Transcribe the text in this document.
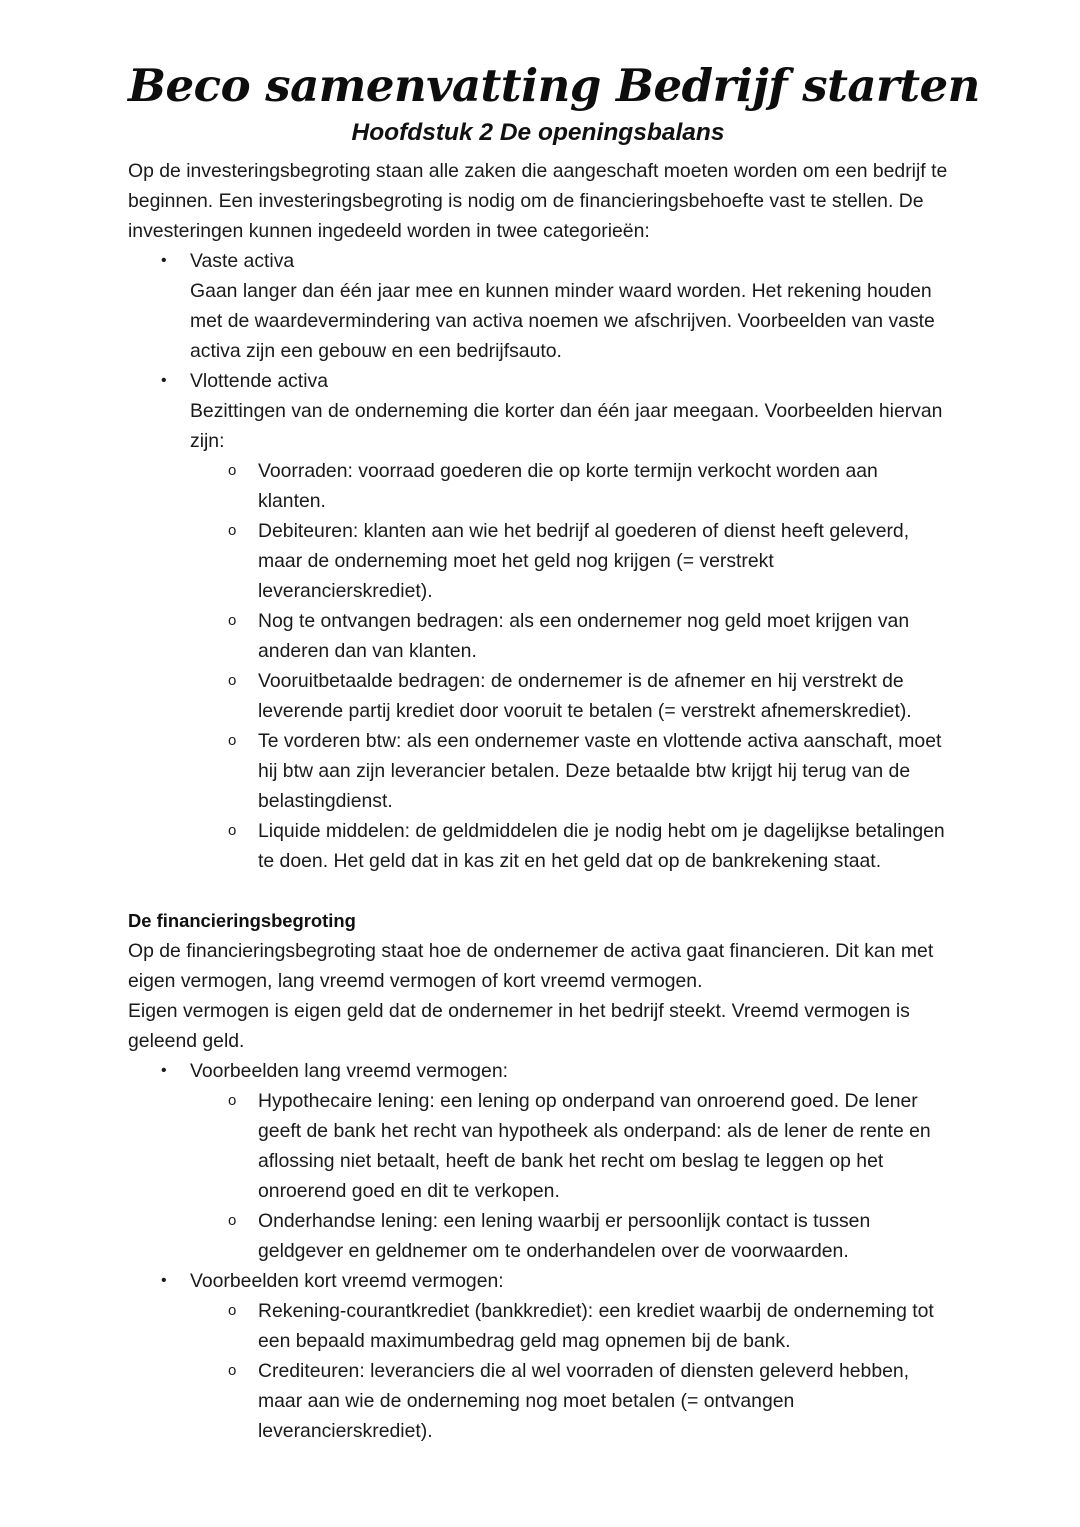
Beco samenvatting Bedrijf starten
Hoofdstuk 2 De openingsbalans

Op de investeringsbegroting staan alle zaken die aangeschaft moeten worden om een bedrijf te beginnen. Een investeringsbegroting is nodig om de financieringsbehoefte vast te stellen. De investeringen kunnen ingedeeld worden in twee categorieën:

• Vaste activa
Gaan langer dan één jaar mee en kunnen minder waard worden. Het rekening houden met de waardevermindering van activa noemen we afschrijven. Voorbeelden van vaste activa zijn een gebouw en een bedrijfsauto.
• Vlottende activa
Bezittingen van de onderneming die korter dan één jaar meegaan. Voorbeelden hiervan zijn:
o Voorraden: voorraad goederen die op korte termijn verkocht worden aan klanten.
o Debiteuren: klanten aan wie het bedrijf al goederen of dienst heeft geleverd, maar de onderneming moet het geld nog krijgen (= verstrekt leverancierskrediet).
o Nog te ontvangen bedragen: als een ondernemer nog geld moet krijgen van anderen dan van klanten.
o Vooruitbetaalde bedragen: de ondernemer is de afnemer en hij verstrekt de leverende partij krediet door vooruit te betalen (= verstrekt afnemerskrediet).
o Te vorderen btw: als een ondernemer vaste en vlottende activa aanschaft, moet hij btw aan zijn leverancier betalen. Deze betaalde btw krijgt hij terug van de belastingdienst.
o Liquide middelen: de geldmiddelen die je nodig hebt om je dagelijkse betalingen te doen. Het geld dat in kas zit en het geld dat op de bankrekening staat.

De financieringsbegroting

Op de financieringsbegroting staat hoe de ondernemer de activa gaat financieren. Dit kan met eigen vermogen, lang vreemd vermogen of kort vreemd vermogen.

Eigen vermogen is eigen geld dat de ondernemer in het bedrijf steekt. Vreemd vermogen is geleend geld.

• Voorbeelden lang vreemd vermogen:
o Hypothecaire lening: een lening op onderpand van onroerend goed. De lener geeft de bank het recht van hypotheek als onderpand: als de lener de rente en aflossing niet betaalt, heeft de bank het recht om beslag te leggen op het onroerend goed en dit te verkopen.
o Onderhandse lening: een lening waarbij er persoonlijk contact is tussen geldgever en geldnemer om te onderhandelen over de voorwaarden.
• Voorbeelden kort vreemd vermogen:
o Rekening-courantkrediet (bankkrediet): een krediet waarbij de onderneming tot een bepaald maximumbedrag geld mag opnemen bij de bank.
o Crediteuren: leveranciers die al wel voorraden of diensten geleverd hebben, maar aan wie de onderneming nog moet betalen (= ontvangen leverancierskrediet).
